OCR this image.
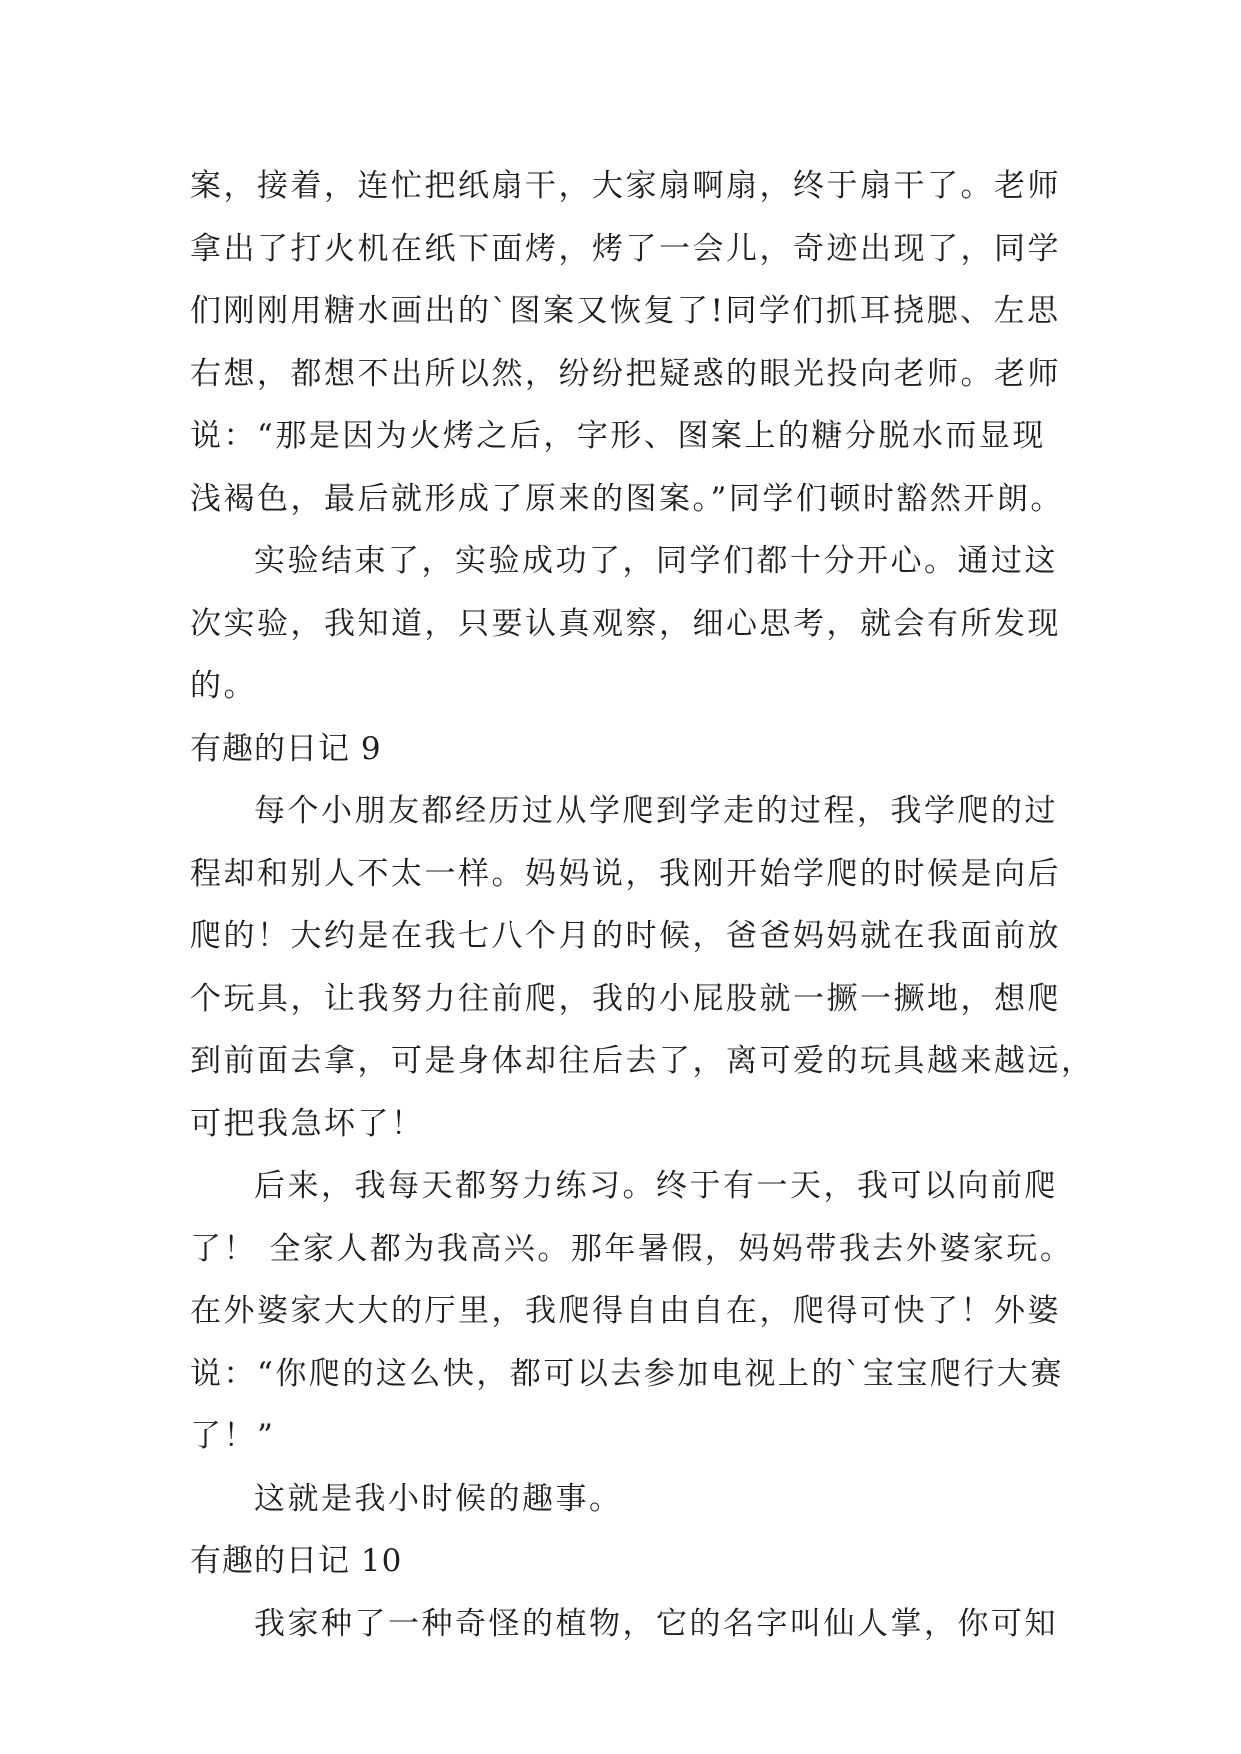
案，接着，连忙把纸扇干，大家扇啊扇，终于扇干了。老师
拿出了打火机在纸下面烤，烤了一会儿，奇迹出现了，同学
们刚刚用糖水画出的`图案又恢复了!同学们抓耳挠腮、左思
右想，都想不出所以然，纷纷把疑惑的眼光投向老师。老师
说：“那是因为火烤之后，字形、图案上的糖分脱水而显现
浅褐色，最后就形成了原来的图案。”同学们顿时豁然开朗。
实验结束了，实验成功了，同学们都十分开心。通过这
次实验，我知道，只要认真观察，细心思考，就会有所发现
的。
有趣的日记 9
每个小朋友都经历过从学爬到学走的过程，我学爬的过
程却和别人不太一样。妈妈说，我刚开始学爬的时候是向后
爬的！大约是在我七八个月的时候，爸爸妈妈就在我面前放
个玩具，让我努力往前爬，我的小屁股就一撅一撅地，想爬
到前面去拿，可是身体却往后去了，离可爱的玩具越来越远，
可把我急坏了！
后来，我每天都努力练习。终于有一天，我可以向前爬
了！ 全家人都为我高兴。那年暑假，妈妈带我去外婆家玩。
在外婆家大大的厅里，我爬得自由自在，爬得可快了！外婆
说：“你爬的这么快，都可以去参加电视上的`宝宝爬行大赛
了！”
这就是我小时候的趣事。
有趣的日记 10
我家种了一种奇怪的植物，它的名字叫仙人掌，你可知
